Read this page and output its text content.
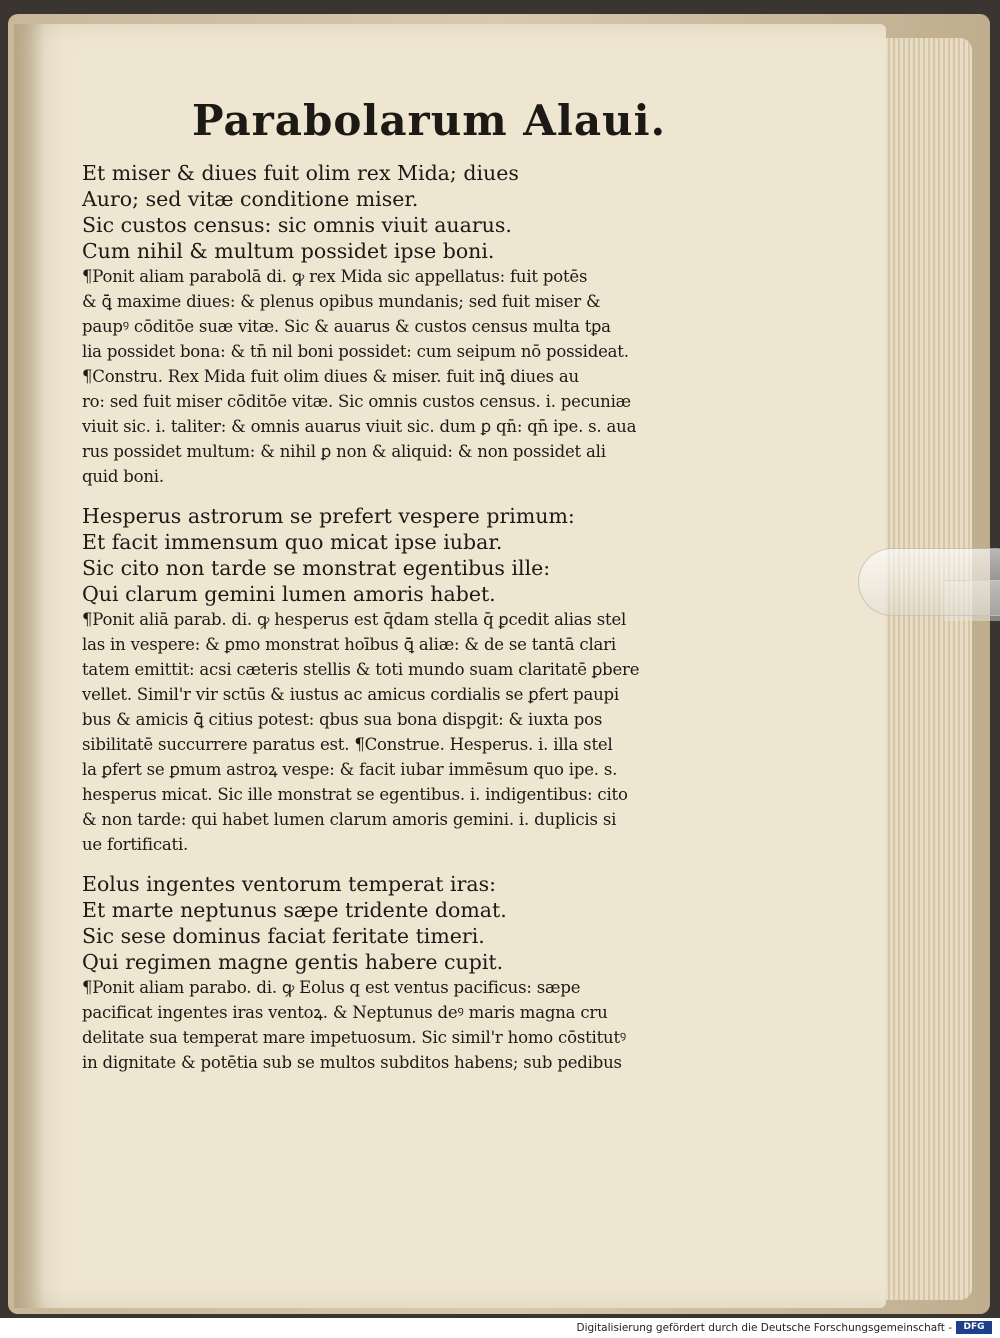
Parabolarum Alaui.

Et miser & diues fuit olim rex Mida; diues

Auro; sed vitæ conditione miser.

Sic custos census: sic omnis viuit auarus.

Cum nihil & multum possidet ipse boni.

¶Ponit aliam parabolā di. ꝙ rex Mida sic appellatus: fuit potēs

& ꝗ̄ maxime diues: & plenus opibus mundanis; sed fuit miser &

paupꝰ cōditōe suæ vitæ. Sic & auarus & custos census multa tꝑa

lia possidet bona: & tn̄ nil boni possidet: cum seipum nō possideat.

¶Constru. Rex Mida fuit olim diues & miser. fuit inꝗ̄ diues au

ro: sed fuit miser cōditōe vitæ. Sic omnis custos census. i. pecuniæ

viuit sic. i. taliter: & omnis auarus viuit sic. dum ꝑ qn̄: qn̄ ipe. s. aua

rus possidet multum: & nihil ꝑ non & aliquid: & non possidet ali

quid boni.

Hesperus astrorum se prefert vespere primum:

Et facit immensum quo micat ipse iubar.

Sic cito non tarde se monstrat egentibus ille:

Qui clarum gemini lumen amoris habet.

¶Ponit aliā parab. di. ꝙ hesperus est q̄dam stella q̄ ꝑcedit alias stel

las in vespere: & ꝑmo monstrat hoībus ꝗ̄ aliæ: & de se tantā clari

tatem emittit: acsi cæteris stellis & toti mundo suam claritatē ꝑbere

vellet. Simil'r vir sctūs & iustus ac amicus cordialis se ꝑfert paupi

bus & amicis ꝗ̄ citius potest: qbus sua bona dispgit: & iuxta pos

sibilitatē succurrere paratus est. ¶Construe. Hesperus. i. illa stel

la ꝑfert se ꝑmum astroꝝ vespe: & facit iubar immēsum quo ipe. s.

hesperus micat. Sic ille monstrat se egentibus. i. indigentibus: cito

& non tarde: qui habet lumen clarum amoris gemini. i. duplicis si

ue fortificati.

Eolus ingentes ventorum temperat iras:

Et marte neptunus sæpe tridente domat.

Sic sese dominus faciat feritate timeri.

Qui regimen magne gentis habere cupit.

¶Ponit aliam parabo. di. ꝙ Eolus q est ventus pacificus: sæpe

pacificat ingentes iras ventoꝝ. & Neptunus deꝰ maris magna cru

delitate sua temperat mare impetuosum. Sic simil'r homo cōstitutꝰ

in dignitate & potētia sub se multos subditos habens; sub pedibus

Digitalisierung gefördert durch die Deutsche Forschungsgemeinschaft -	DFG
